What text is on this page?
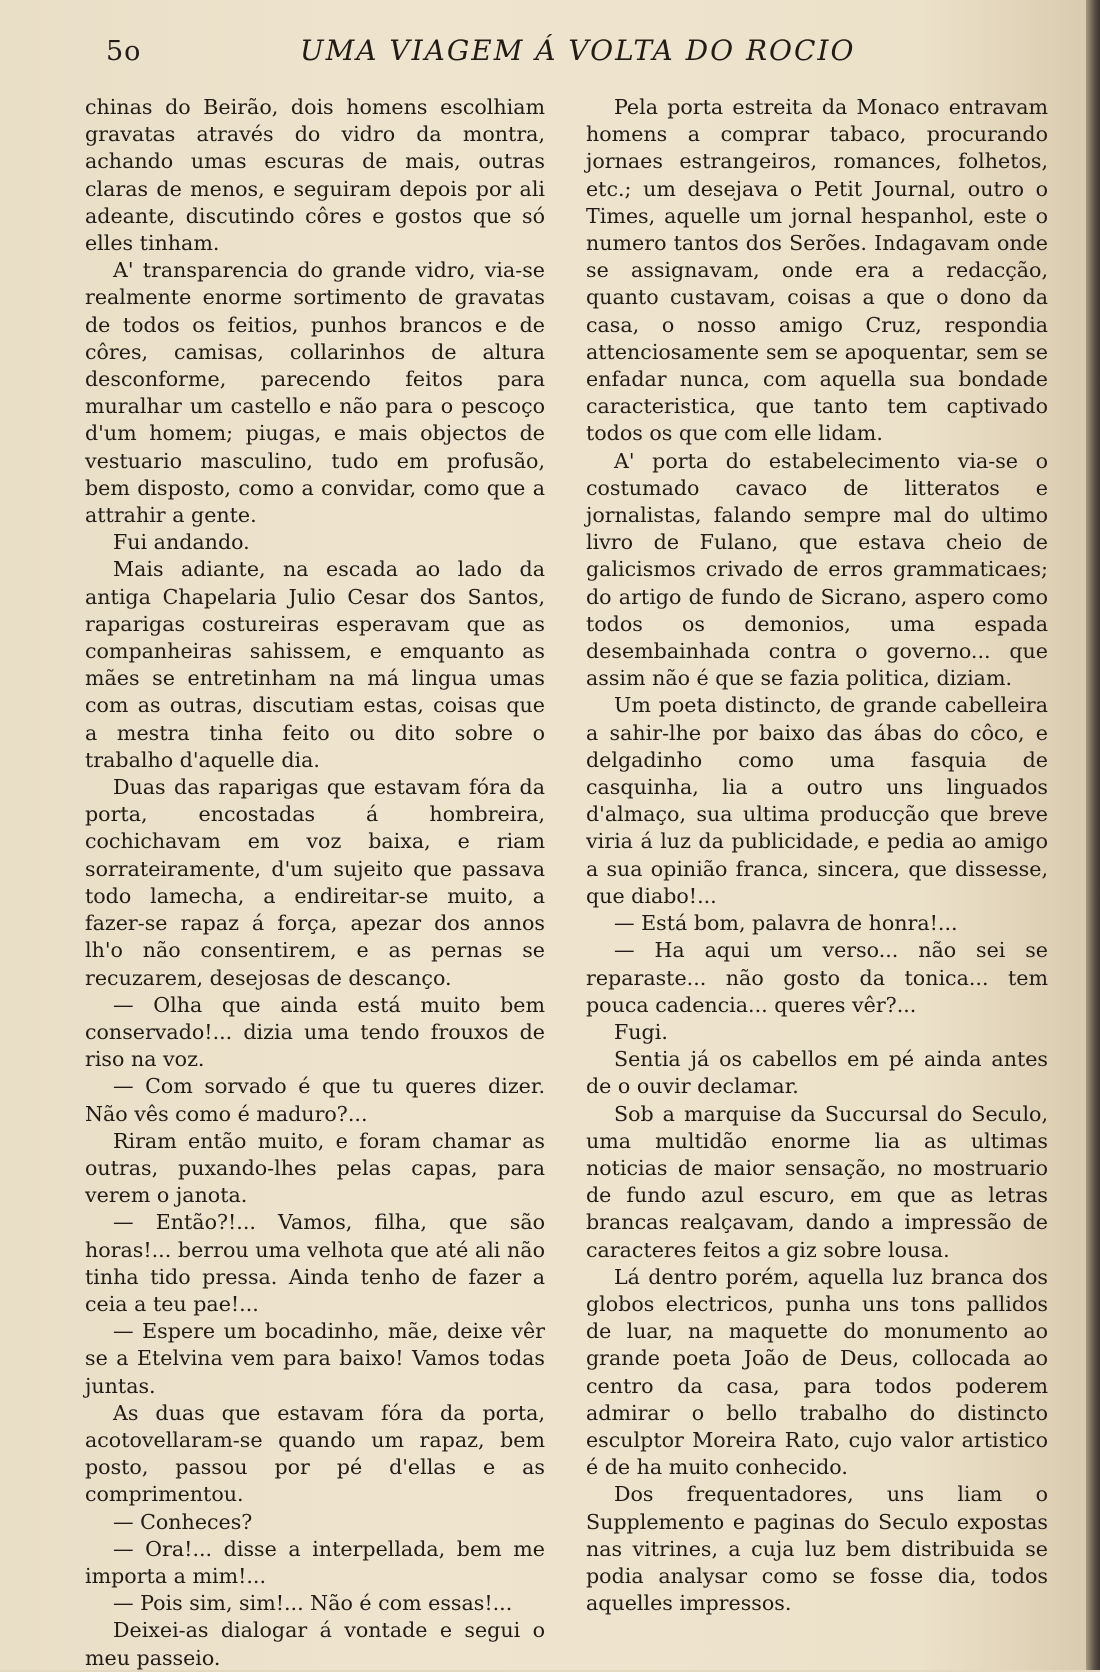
5o	UMA VIAGEM Á VOLTA DO ROCIO

chinas do Beirão, dois homens escolhiam gravatas através do vidro da montra, achando umas escuras de mais, outras claras de menos, e seguiram depois por ali adeante, discutindo côres e gostos que só elles tinham.

A' transparencia do grande vidro, via-se realmente enorme sortimento de gravatas de todos os feitios, punhos brancos e de côres, camisas, collarinhos de altura desconforme, parecendo feitos para muralhar um castello e não para o pescoço d'um homem; piugas, e mais objectos de vestuario masculino, tudo em profusão, bem disposto, como a convidar, como que a attrahir a gente.

Fui andando.

Mais adiante, na escada ao lado da antiga Chapelaria Julio Cesar dos Santos, raparigas costureiras esperavam que as companheiras sahissem, e emquanto as mães se entretinham na má lingua umas com as outras, discutiam estas, coisas que a mestra tinha feito ou dito sobre o trabalho d'aquelle dia.

Duas das raparigas que estavam fóra da porta, encostadas á hombreira, cochichavam em voz baixa, e riam sorrateiramente, d'um sujeito que passava todo lamecha, a endireitar-se muito, a fazer-se rapaz á força, apezar dos annos lh'o não consentirem, e as pernas se recuzarem, desejosas de descanço.

— Olha que ainda está muito bem conservado!... dizia uma tendo frouxos de riso na voz.

— Com sorvado é que tu queres dizer. Não vês como é maduro?...

Riram então muito, e foram chamar as outras, puxando-lhes pelas capas, para verem o janota.

— Então?!... Vamos, filha, que são horas!... berrou uma velhota que até ali não tinha tido pressa. Ainda tenho de fazer a ceia a teu pae!...

— Espere um bocadinho, mãe, deixe vêr se a Etelvina vem para baixo! Vamos todas juntas.

As duas que estavam fóra da porta, acotovellaram-se quando um rapaz, bem posto, passou por pé d'ellas e as comprimentou.

— Conheces?

— Ora!... disse a interpellada, bem me importa a mim!...

— Pois sim, sim!... Não é com essas!...

Deixei-as dialogar á vontade e segui o meu passeio.

Pela porta estreita da Monaco entravam homens a comprar tabaco, procurando jornaes estrangeiros, romances, folhetos, etc.; um desejava o Petit Journal, outro o Times, aquelle um jornal hespanhol, este o numero tantos dos Serões. Indagavam onde se assignavam, onde era a redacção, quanto custavam, coisas a que o dono da casa, o nosso amigo Cruz, respondia attenciosamente sem se apoquentar, sem se enfadar nunca, com aquella sua bondade caracteristica, que tanto tem captivado todos os que com elle lidam.

A' porta do estabelecimento via-se o costumado cavaco de litteratos e jornalistas, falando sempre mal do ultimo livro de Fulano, que estava cheio de galicismos crivado de erros grammaticaes; do artigo de fundo de Sicrano, aspero como todos os demonios, uma espada desembainhada contra o governo... que assim não é que se fazia politica, diziam.

Um poeta distincto, de grande cabelleira a sahir-lhe por baixo das ábas do côco, e delgadinho como uma fasquia de casquinha, lia a outro uns linguados d'almaço, sua ultima producção que breve viria á luz da publicidade, e pedia ao amigo a sua opinião franca, sincera, que dissesse, que diabo!...

— Está bom, palavra de honra!...

— Ha aqui um verso... não sei se reparaste... não gosto da tonica... tem pouca cadencia... queres vêr?...

Fugi.

Sentia já os cabellos em pé ainda antes de o ouvir declamar.

Sob a marquise da Succursal do Seculo, uma multidão enorme lia as ultimas noticias de maior sensação, no mostruario de fundo azul escuro, em que as letras brancas realçavam, dando a impressão de caracteres feitos a giz sobre lousa.

Lá dentro porém, aquella luz branca dos globos electricos, punha uns tons pallidos de luar, na maquette do monumento ao grande poeta João de Deus, collocada ao centro da casa, para todos poderem admirar o bello trabalho do distincto esculptor Moreira Rato, cujo valor artistico é de ha muito conhecido.

Dos frequentadores, uns liam o Supplemento e paginas do Seculo expostas nas vitrines, a cuja luz bem distribuida se podia analysar como se fosse dia, todos aquelles impressos.
